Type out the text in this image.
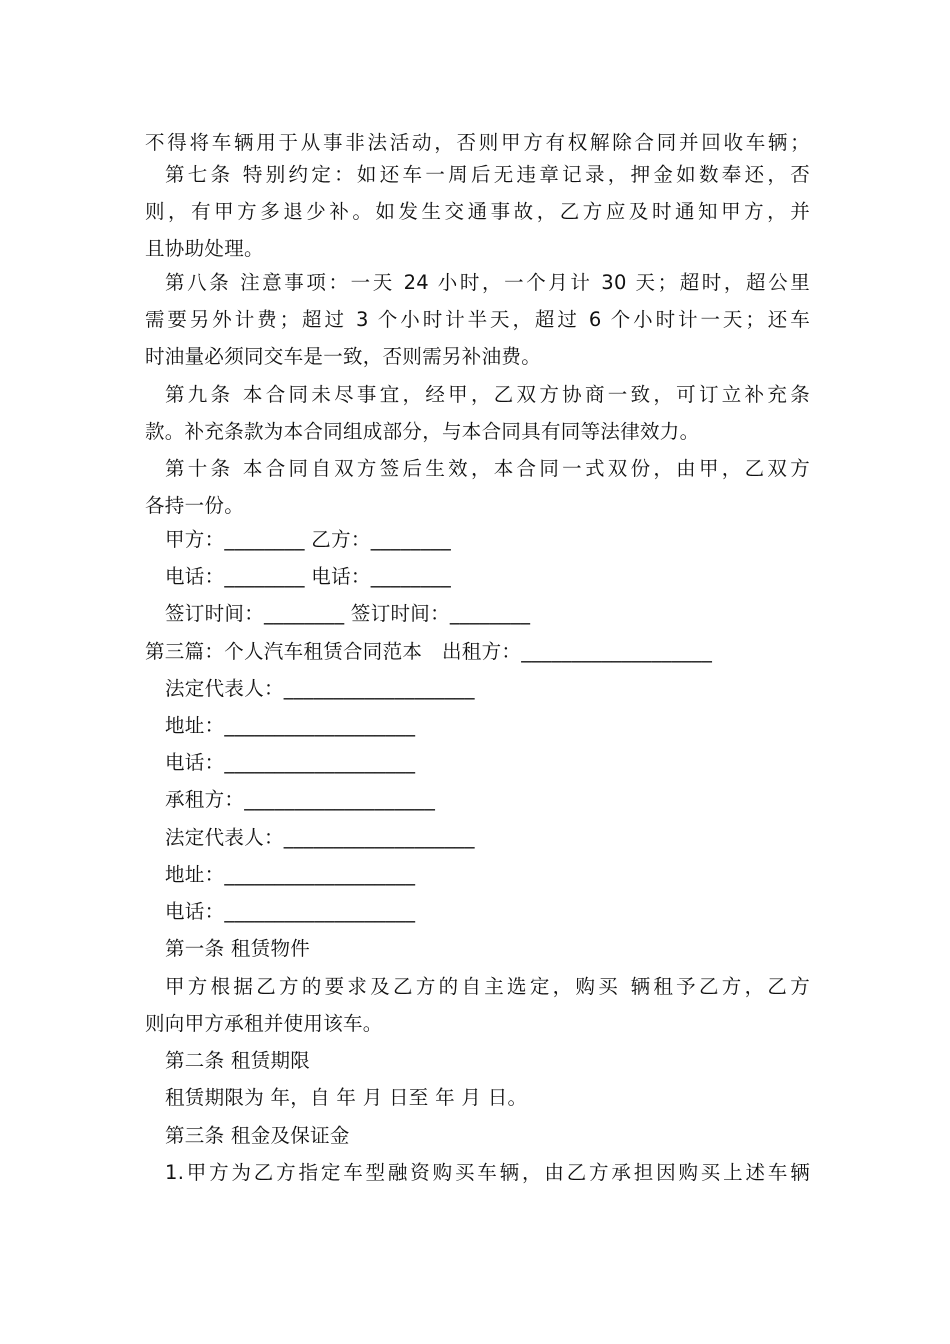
不得将车辆用于从事非法活动，否则甲方有权解除合同并回收车辆；
第七条 特别约定：如还车一周后无违章记录，押金如数奉还，否
则，有甲方多退少补。如发生交通事故，乙方应及时通知甲方，并
且协助处理。
第八条 注意事项：一天 24 小时，一个月计 30 天；超时，超公里
需要另外计费；超过 3 个小时计半天，超过 6 个小时计一天；还车
时油量必须同交车是一致，否则需另补油费。
第九条 本合同未尽事宜，经甲，乙双方协商一致，可订立补充条
款。补充条款为本合同组成部分，与本合同具有同等法律效力。
第十条 本合同自双方签后生效，本合同一式双份，由甲，乙双方
各持一份。
甲方：________ 乙方：________
电话：________ 电话：________
签订时间：________ 签订时间：________
第三篇：个人汽车租赁合同范本　出租方：___________________
法定代表人：___________________
地址：___________________
电话：___________________
承租方：___________________
法定代表人：___________________
地址：___________________
电话：___________________
第一条 租赁物件
甲方根据乙方的要求及乙方的自主选定，购买 辆租予乙方，乙方
则向甲方承租并使用该车。
第二条 租赁期限
租赁期限为 年，自 年 月 日至 年 月 日。
第三条 租金及保证金
1.甲方为乙方指定车型融资购买车辆，由乙方承担因购买上述车辆
